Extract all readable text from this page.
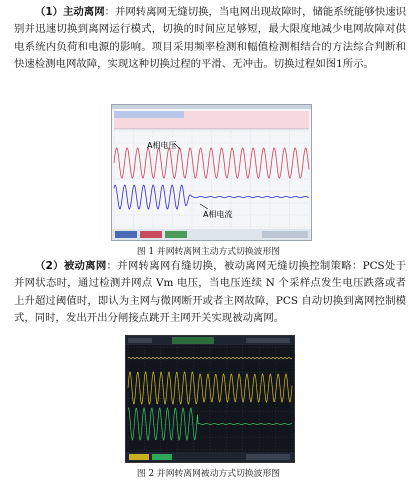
（1）主动离网：并网转离网无缝切换，当电网出现故障时，储能系统能够快速识别并迅速切换到离网运行模式，切换的时间应足够短，最大限度地减少电网故障对供电系统内负荷和电源的影响。项目采用频率检测和幅值检测相结合的方法综合判断和快速检测电网故障，实现这种切换过程的平滑、无冲击。切换过程如图1所示。

A相电压
A相电流
图 1 并网转离网主动方式切换波形图

（2）被动离网：并网转离网有缝切换，被动离网无缝切换控制策略：PCS处于并网状态时，通过检测并网点 Vm 电压，当电压连续 N 个采样点发生电压跌落或者上升超过阈值时，即认为主网与微网断开或者主网故障，PCS 自动切换到离网控制模式，同时，发出开出分闸接点跳开主网开关实现被动离网。

图 2 并网转离网被动方式切换波形图
